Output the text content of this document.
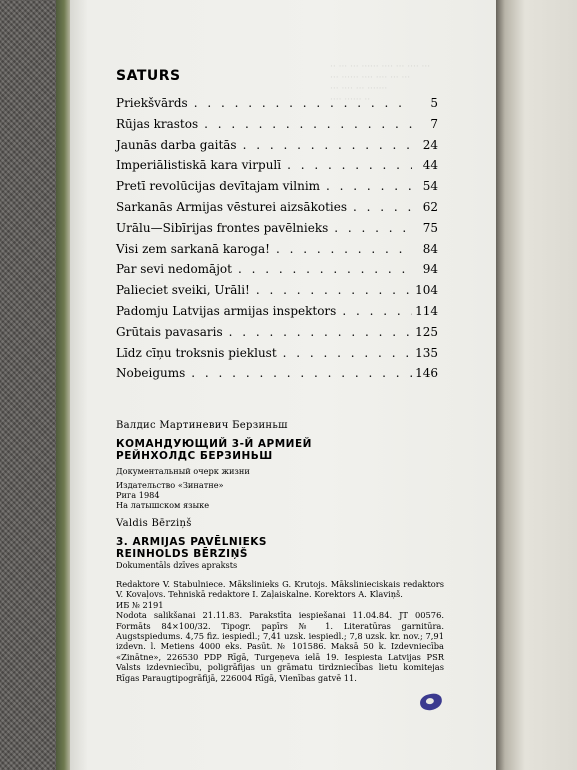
·· ··· ··· ······ ···· ··· ···· ···
··· ······ ···· ···· ··· ···
··· ···· ··· ·······
···· ······ ··
SATURS
Priekšvārds . . .	5
Rūjas krastos . . .	7
Jaunās darba gaitās . . .	24
Imperiālistiskā kara virpulī . . .	44
Pretī revolūcijas devītajam vilnim . . .	54
Sarkanās Armijas vēsturei aizsākoties . . .	62
Urālu—Sibīrijas frontes pavēlnieks . . .	75
Visi zem sarkanā karoga! . . .	84
Par sevi nedomājot . . .	94
Palieciet sveiki, Urāli! . . .	104
Padomju Latvijas armijas inspektors . . .	114
Grūtais pavasaris . . .	125
Līdz cīņu troksnis pieklust . . .	135
Nobeigums . . .	146
Валдис Мартиневич Берзиньш
КОМАНДУЮЩИЙ 3-Й АРМИЕЙ
РЕЙНХОЛДС БЕРЗИНЬШ
Документальный очерк жизни
Издательство «Зинатне»
Рига 1984
На латышском языке
Valdis Bērziņš
3. ARMIJAS PAVĒLNIEKS
REINHOLDS BĒRZIŅŠ
Dokumentāls dzīves apraksts
Redaktore V. Stabulniece. Mākslinieks G. Krutojs. Mākslinieciskais redaktors V. Kovaļovs. Tehniskā redaktore I. Zaļaiskalne. Korektors A. Klaviņš.
ИБ № 2191
Nodota salikšanai 21.11.83. Parakstīta iespiešanai 11.04.84. JT 00576. Formāts 84×100/32. Tipogr. papīrs № 1. Literatūras garnitūra. Augstspiedums. 4,75 fiz. iespiedl.; 7,41 uzsk. iespiedl.; 7,8 uzsk. kr. nov.; 7,91 izdevn. l. Metiens 4000 eks. Pasūt. № 101586. Maksā 50 k. Izdevniecība «Zinātne», 226530 PDP Rīgā, Turgeņeva ielā 19. Iespiesta Latvijas PSR Valsts izdevniecību, poligrāfijas un grāmatu tirdzniecības lietu komitejas Rīgas Paraugtipogrāfijā, 226004 Rīgā, Vienības gatvē 11.
